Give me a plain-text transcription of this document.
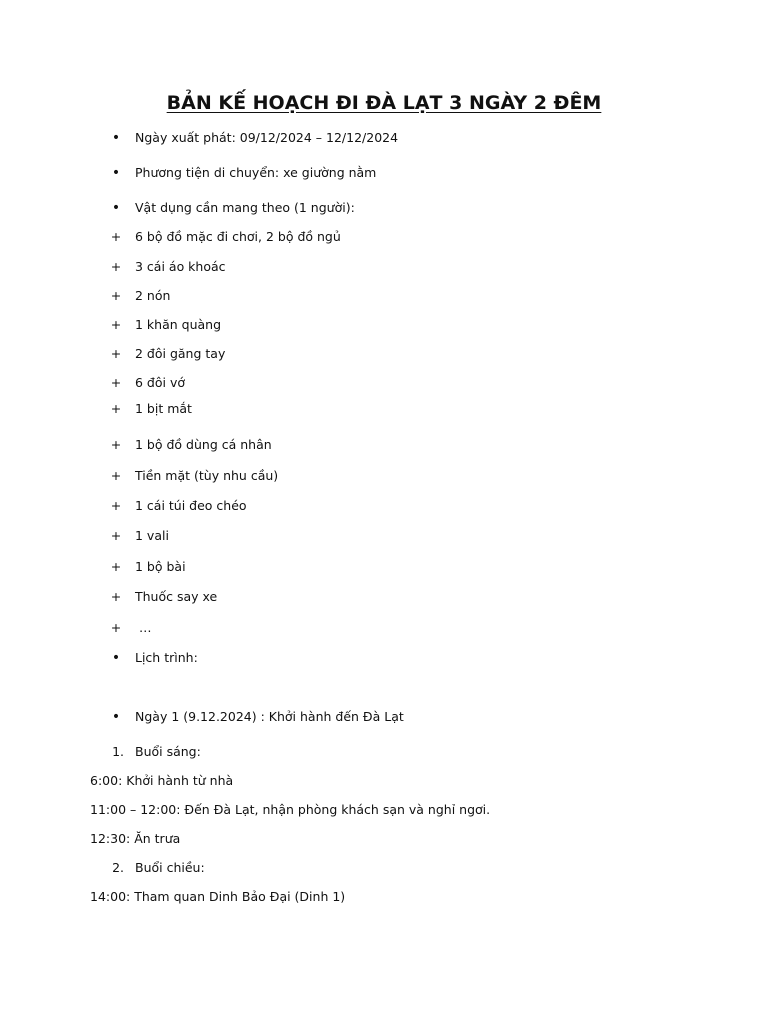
BẢN KẾ HOẠCH ĐI ĐÀ LẠT 3 NGÀY 2 ĐÊM
•	Ngày xuất phát: 09/12/2024 – 12/12/2024
•	Phương tiện di chuyển: xe giường nằm
•	Vật dụng cần mang theo (1 người):
+	6 bộ đồ mặc đi chơi, 2 bộ đồ ngủ
+	3 cái áo khoác
+	2 nón
+	1 khăn quàng
+	2 đôi găng tay
+	6 đôi vớ
+	1 bịt mắt
+	1 bộ đồ dùng cá nhân
+	Tiền mặt (tùy nhu cầu)
+	1 cái túi đeo chéo
+	1 vali
+	1 bộ bài
+	Thuốc say xe
+	…
•	Lịch trình:
•	Ngày 1 (9.12.2024) : Khởi hành đến Đà Lạt
1. Buổi sáng:
6:00: Khởi hành từ nhà
11:00 – 12:00: Đến Đà Lạt, nhận phòng khách sạn và nghỉ ngơi.
12:30: Ăn trưa
2. Buổi chiều:
14:00: Tham quan Dinh Bảo Đại (Dinh 1)
